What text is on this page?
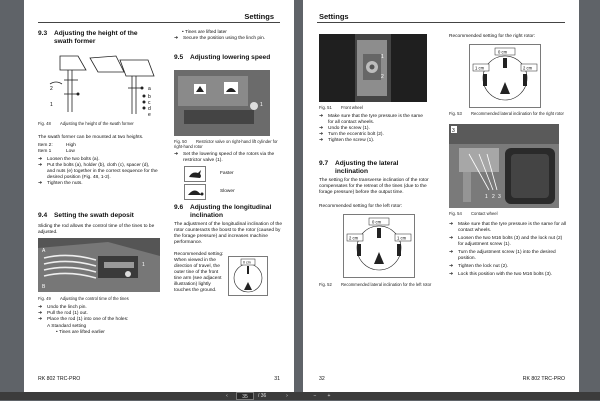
Settings
9.3 Adjusting the height of the swath former
2
1
a
b
c
d
e
Fig. 48 Adjusting the height of the swath former
The swath former can be mounted at two heights.
Item 2:	High
Item 1	Low
➜	Loosen the two bolts (a).
➜	Put the bolts (a), holder (b), cloth (c), spacer (d), and nuts (e) together in the correct sequence for the desired position (Fig. 48, 1-2).
➜	Tighten the nuts.
9.4 Setting the swath deposit
Sliding the rod allows the control time of the tines to be adjusted.
A
B
1
Fig. 49 Adjusting the control time of the tines
➜	Undo the linch pin.
➜	Pull the rod (1) out.
➜	Place the rod (1) into one of the holes:
A Standard setting
• Tines are lifted earlier
• Tines are lifted later
➜	Secure the position using the linch pin.
9.5 Adjusting lowering speed
1
Fig. 50 Restrictor valve on right-hand lift cylinder for right-hand rotor
➜	Set the lowering speed of the rotors via the restrictor valve (1).
Faster
Slower
9.6 Adjusting the longitudinal inclination
The adjustment of the longitudinal inclination of the rotor counteracts the boost to the rotor (caused by the forage pressure) and increases machine performance.
Recommended setting: When viewed in the direction of travel, the outer tine of the front tine arm (see adjacent illustration) lightly touches the ground.
0 cm
RK 802 TRC-PRO	31
Settings
1
2
Fig. 51 Front wheel
➜	Make sure that the tyre pressure is the same for all contact wheels.
➜	Undo the screw (1).
➜	Turn the eccentric bolt (2).
➜	Tighten the screw (1).
9.7 Adjusting the lateral inclination
The setting for the transverse inclination of the rotor compensates for the retreat of the tines (due to the forage pressure) before the output time.
Recommended setting for the left rotor:
0 cm
2 cm	1 cm
Fig. 52 Recommended lateral inclination for the left rotor
Recommended setting for the right rotor:
0 cm
1 cm	2 cm
Fig. 53 Recommended lateral inclination for the right rotor
1 2 3
3
Fig. 54 Contact wheel
➜	Make sure that the tyre pressure is the same for all contact wheels.
➜	Loosen the two M16 bolts (3) and the lock nut (2) for adjustment screw (1).
➜	Turn the adjustment screw (1) into the desired position.
➜	Tighten the lock nut (2).
➜	Lock this position with the two M16 bolts (3).
32	RK 802 TRC-PRO
‹	35	/ 36	›	−	+
